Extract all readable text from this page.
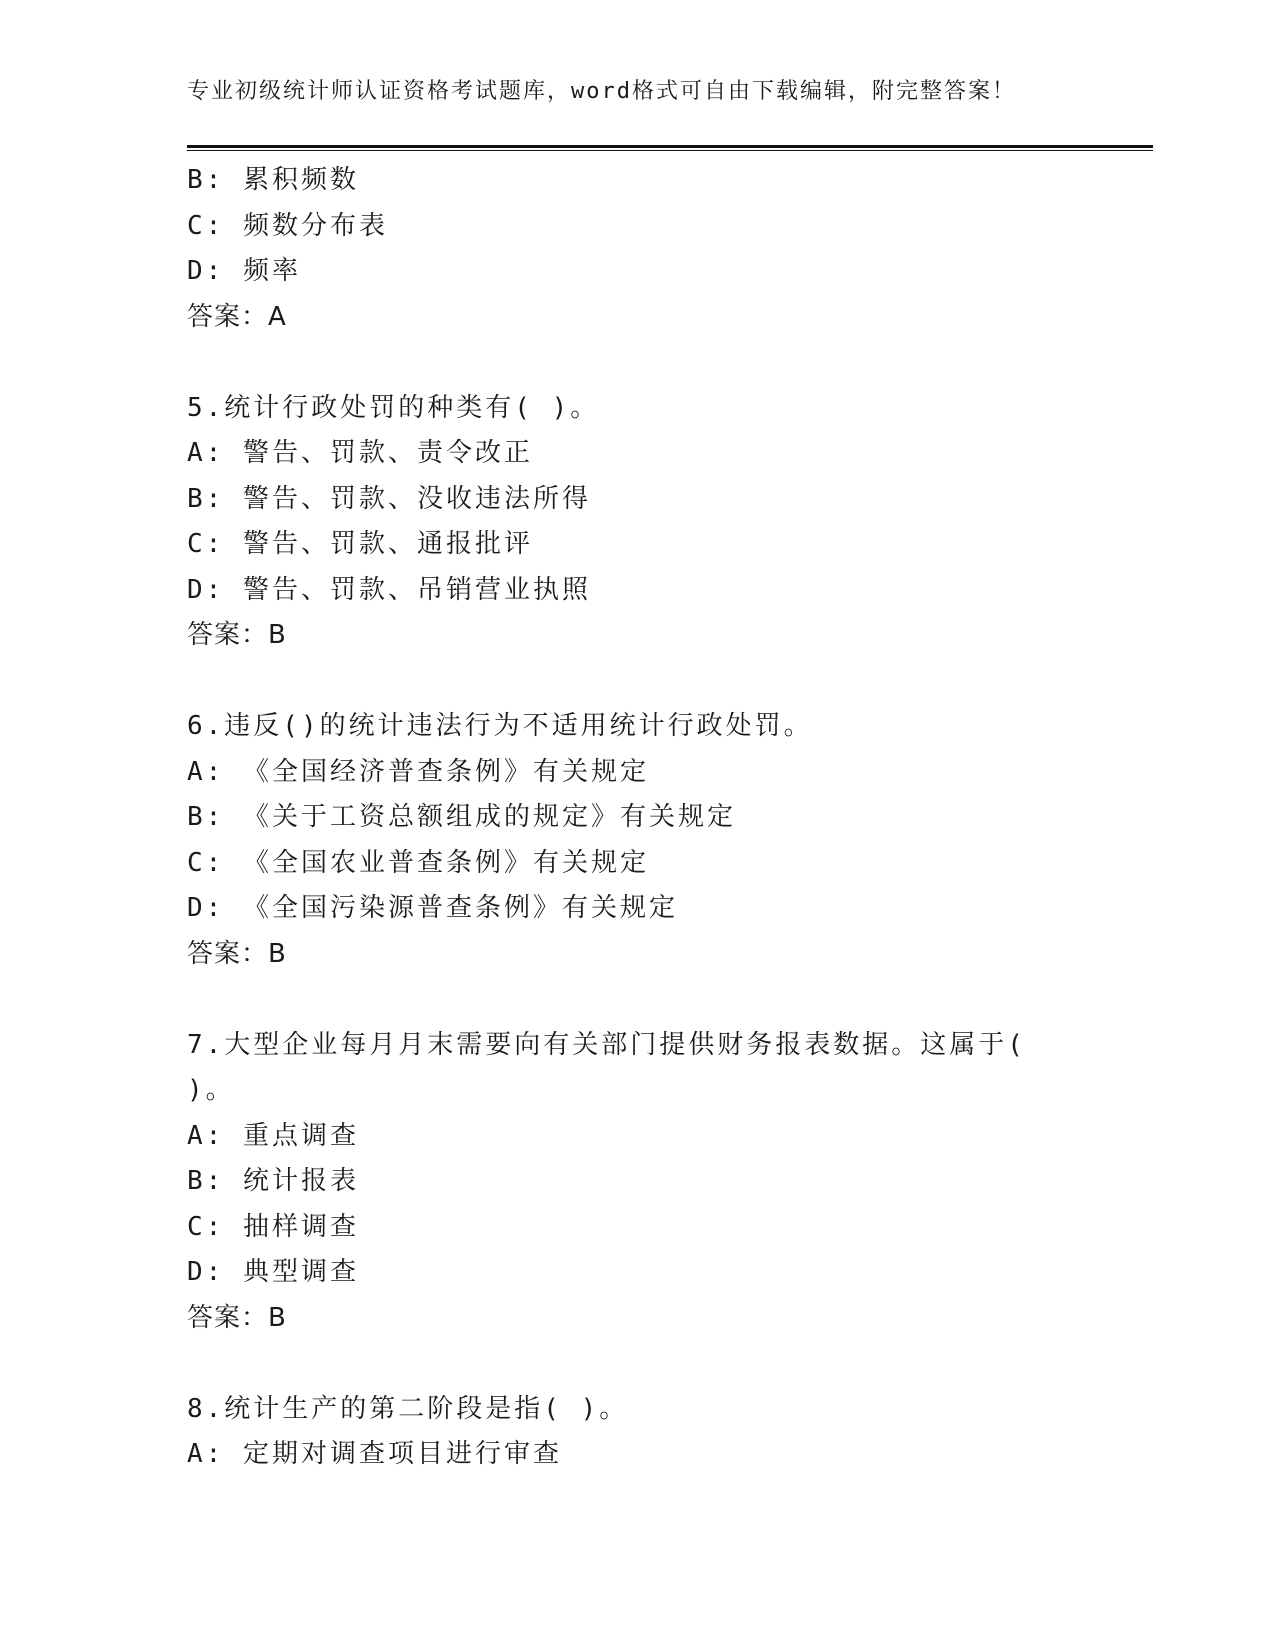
专业初级统计师认证资格考试题库，word格式可自由下载编辑，附完整答案！
B: 累积频数
C: 频数分布表
D: 频率
答案：A
5.统计行政处罚的种类有( )。
A: 警告、罚款、责令改正
B: 警告、罚款、没收违法所得
C: 警告、罚款、通报批评
D: 警告、罚款、吊销营业执照
答案：B
6.违反()的统计违法行为不适用统计行政处罚。
A: 《全国经济普查条例》有关规定
B: 《关于工资总额组成的规定》有关规定
C: 《全国农业普查条例》有关规定
D: 《全国污染源普查条例》有关规定
答案：B
7.大型企业每月月末需要向有关部门提供财务报表数据。这属于(
)。
A: 重点调查
B: 统计报表
C: 抽样调查
D: 典型调查
答案：B
8.统计生产的第二阶段是指( )。
A: 定期对调查项目进行审查
